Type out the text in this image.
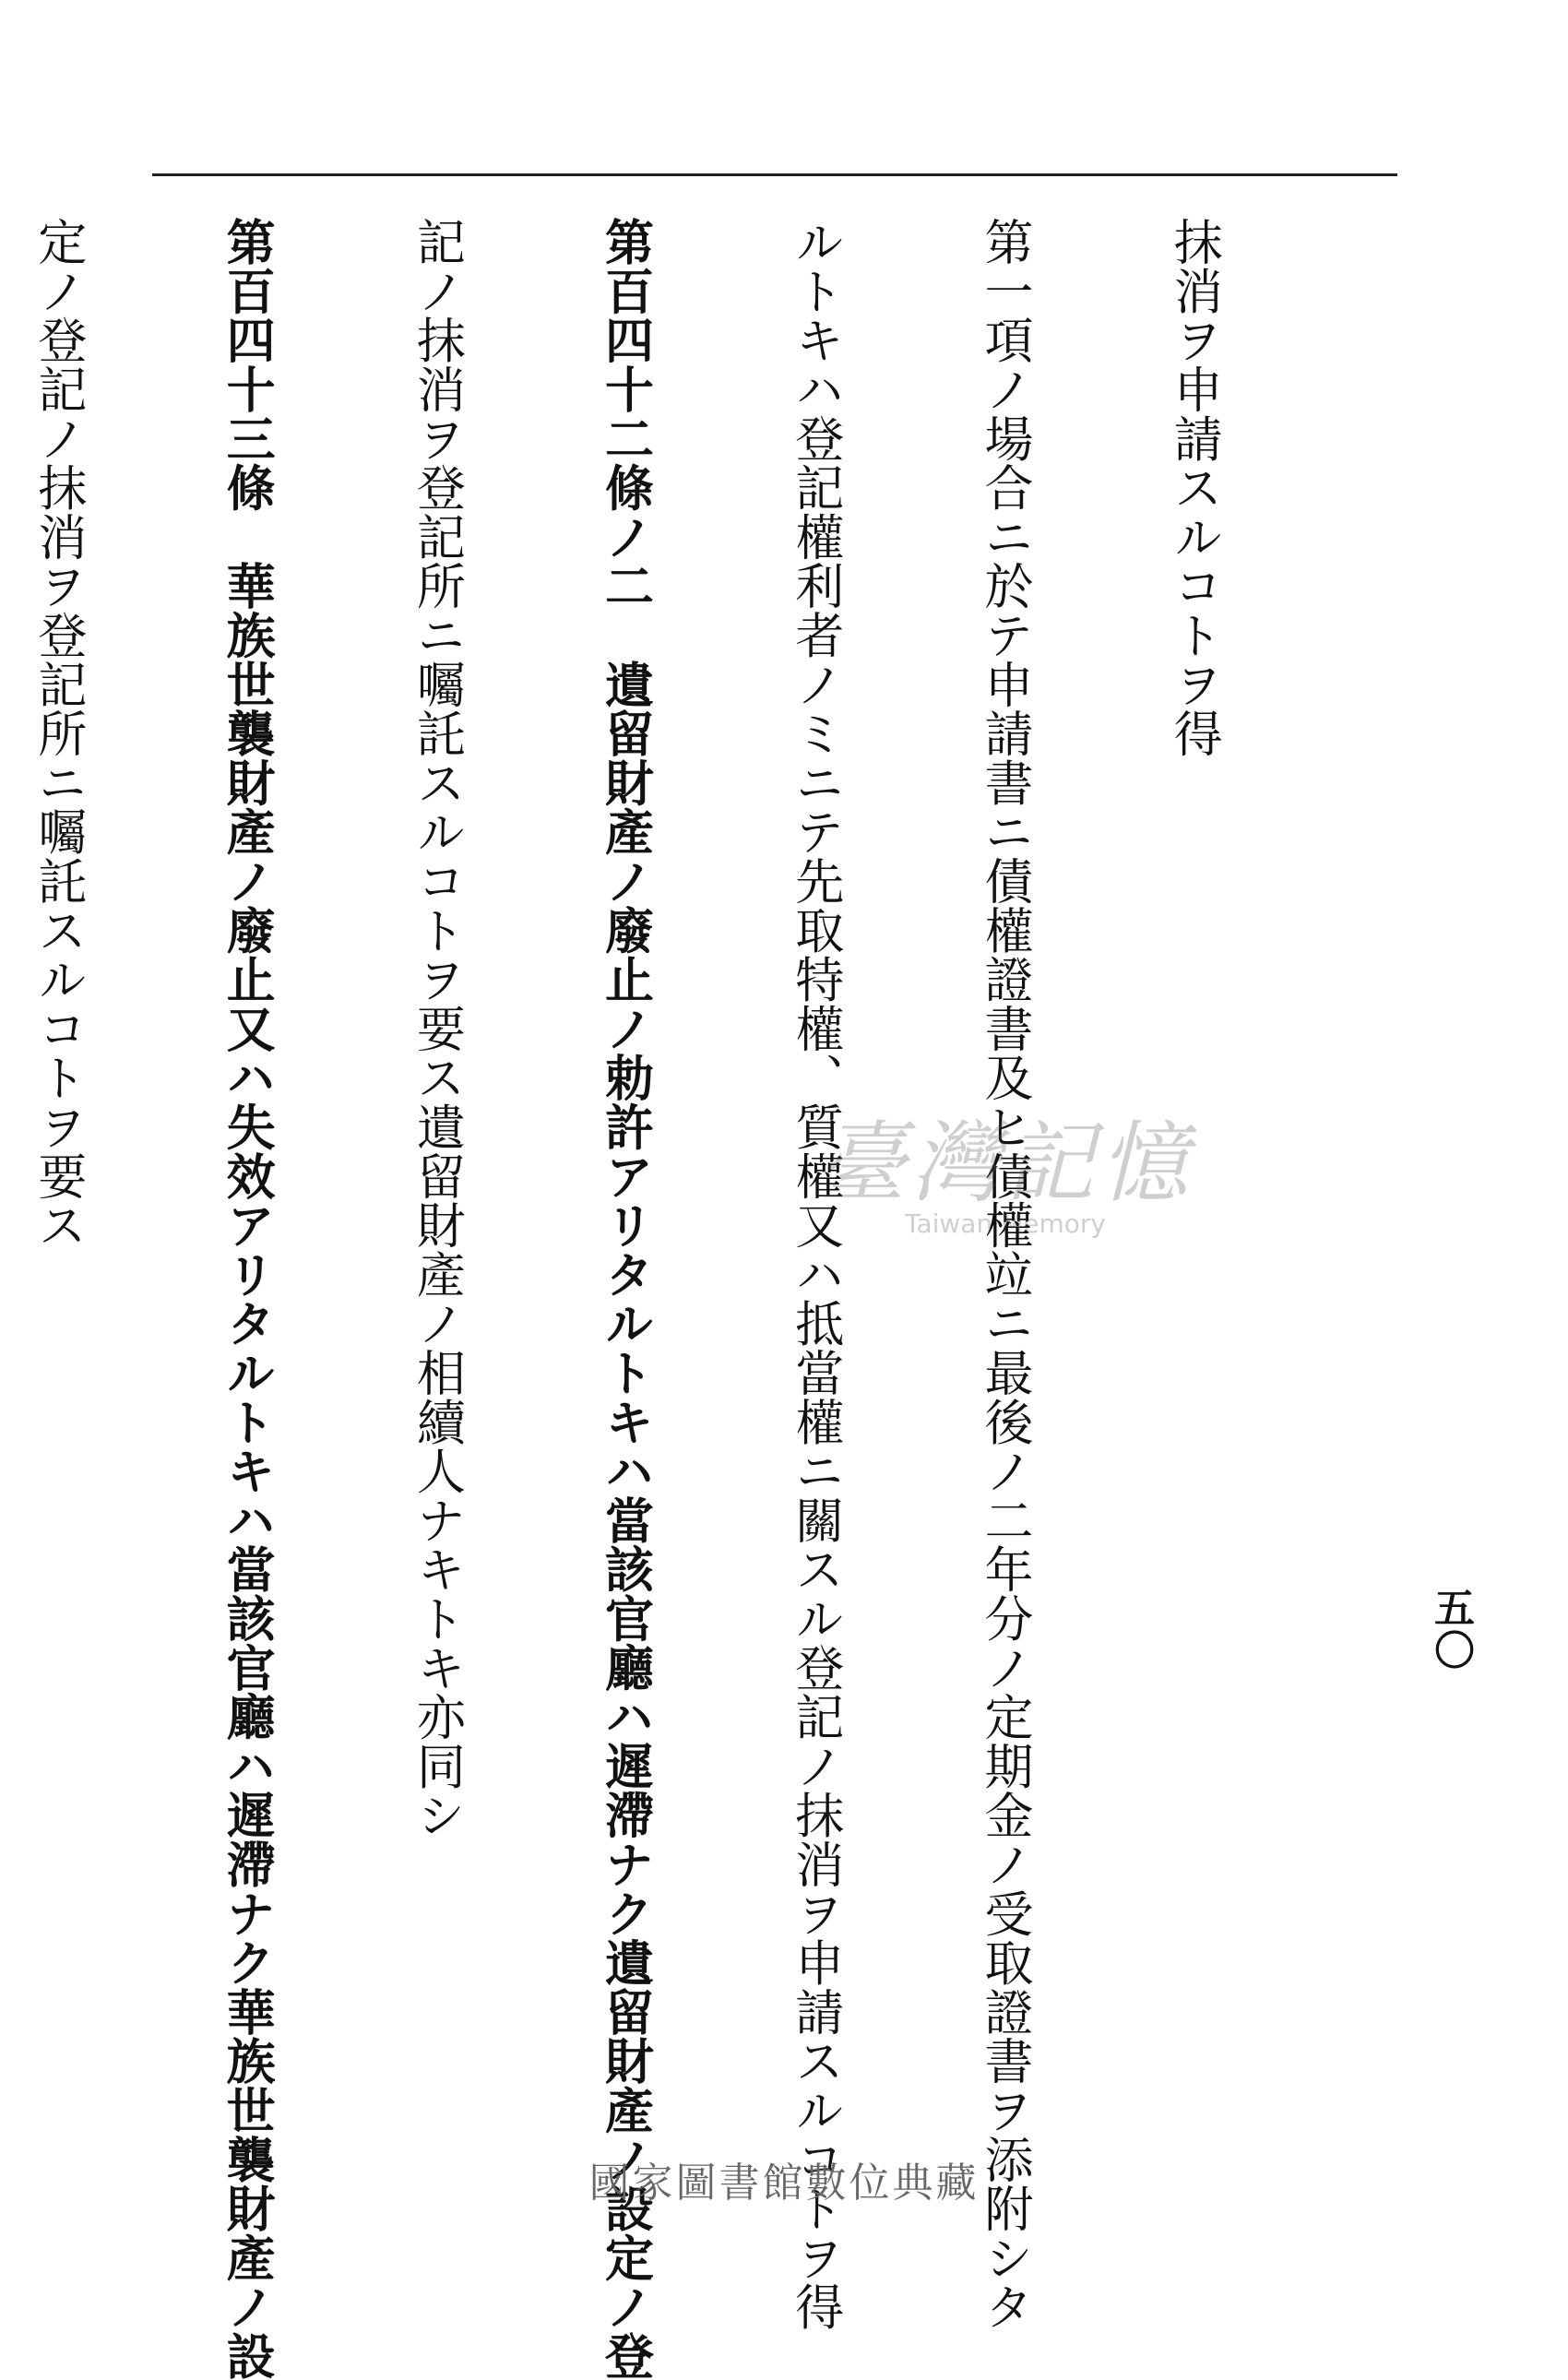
五〇

抹消ヲ申請スルコトヲ得

第一項ノ場合ニ於テ申請書ニ債權證書及ヒ債權竝ニ最後ノ二年分ノ定期金ノ受取證書ヲ添附シタ

ルトキハ登記權利者ノミニテ先取特權、質權又ハ抵當權ニ關スル登記ノ抹消ヲ申請スルコトヲ得

第百四十二條ノ二　遺留財產ノ廢止ノ勅許アリタルトキハ當該官廳ハ遲滯ナク遺留財產ノ設定ノ登

記ノ抹消ヲ登記所ニ囑託スルコトヲ要ス遺留財產ノ相續人ナキトキ亦同シ

第百四十三條　華族世襲財產ノ廢止又ハ失效アリタルトキハ當該官廳ハ遲滯ナク華族世襲財產ノ設

定ノ登記ノ抹消ヲ登記所ニ囑託スルコトヲ要ス

	臺灣記憶
Taiwan Memory
國家圖書館數位典藏
